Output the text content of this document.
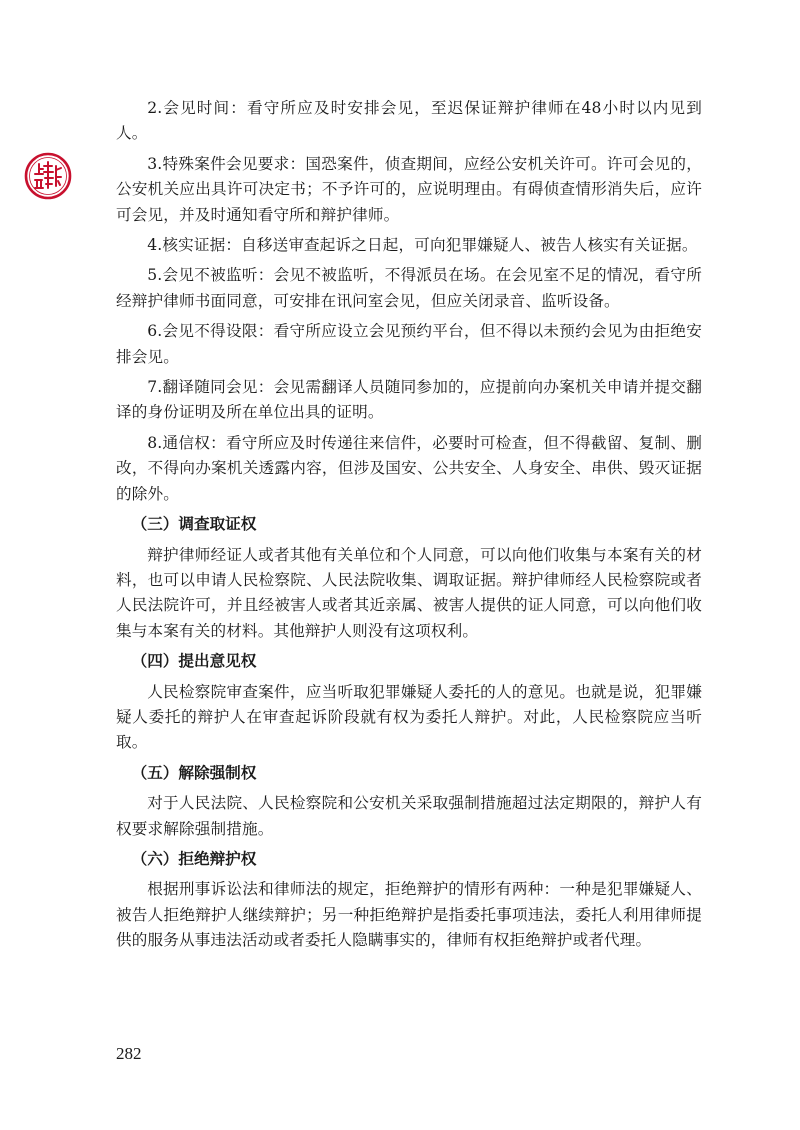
2.会见时间：看守所应及时安排会见，至迟保证辩护律师在48小时以内见到人。

3.特殊案件会见要求：国恐案件，侦查期间，应经公安机关许可。许可会见的，公安机关应出具许可决定书；不予许可的，应说明理由。有碍侦查情形消失后，应许可会见，并及时通知看守所和辩护律师。

4.核实证据：自移送审查起诉之日起，可向犯罪嫌疑人、被告人核实有关证据。

5.会见不被监听：会见不被监听，不得派员在场。在会见室不足的情况，看守所经辩护律师书面同意，可安排在讯问室会见，但应关闭录音、监听设备。

6.会见不得设限：看守所应设立会见预约平台，但不得以未预约会见为由拒绝安排会见。

7.翻译随同会见：会见需翻译人员随同参加的，应提前向办案机关申请并提交翻译的身份证明及所在单位出具的证明。

8.通信权：看守所应及时传递往来信件，必要时可检查，但不得截留、复制、删改，不得向办案机关透露内容，但涉及国安、公共安全、人身安全、串供、毁灭证据的除外。

（三）调查取证权

辩护律师经证人或者其他有关单位和个人同意，可以向他们收集与本案有关的材料，也可以申请人民检察院、人民法院收集、调取证据。辩护律师经人民检察院或者人民法院许可，并且经被害人或者其近亲属、被害人提供的证人同意，可以向他们收集与本案有关的材料。其他辩护人则没有这项权利。

（四）提出意见权

人民检察院审查案件，应当听取犯罪嫌疑人委托的人的意见。也就是说，犯罪嫌疑人委托的辩护人在审查起诉阶段就有权为委托人辩护。对此，人民检察院应当听取。

（五）解除强制权

对于人民法院、人民检察院和公安机关采取强制措施超过法定期限的，辩护人有权要求解除强制措施。

（六）拒绝辩护权

根据刑事诉讼法和律师法的规定，拒绝辩护的情形有两种：一种是犯罪嫌疑人、被告人拒绝辩护人继续辩护；另一种拒绝辩护是指委托事项违法，委托人利用律师提供的服务从事违法活动或者委托人隐瞒事实的，律师有权拒绝辩护或者代理。

282
